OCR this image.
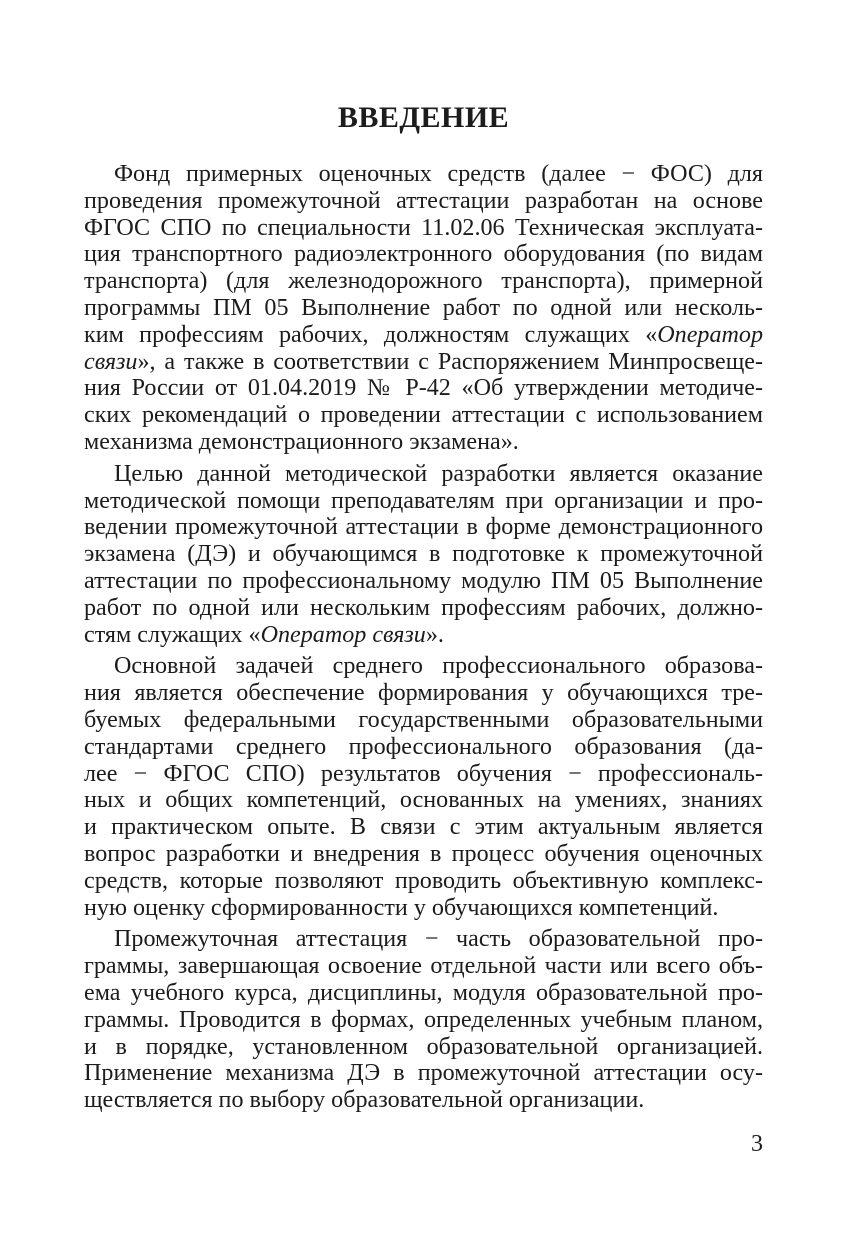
ВВЕДЕНИЕ

Фонд примерных оценочных средств (далее − ФОС) для
проведения промежуточной аттестации разработан на основе
ФГОС СПО по специальности 11.02.06 Техническая эксплуата-
ция транспортного радиоэлектронного оборудования (по видам
транспорта) (для железнодорожного транспорта), примерной
программы ПМ 05 Выполнение работ по одной или несколь-
ким профессиям рабочих, должностям служащих «Оператор
связи», а также в соответствии с Распоряжением Минпросвеще-
ния России от 01.04.2019 № Р-42 «Об утверждении методиче-
ских рекомендаций о проведении аттестации с использованием
механизма демонстрационного экзамена».

Целью данной методической разработки является оказание
методической помощи преподавателям при организации и про-
ведении промежуточной аттестации в форме демонстрационного
экзамена (ДЭ) и обучающимся в подготовке к промежуточной
аттестации по профессиональному модулю ПМ 05 Выполнение
работ по одной или нескольким профессиям рабочих, должно-
стям служащих «Оператор связи».

Основной задачей среднего профессионального образова-
ния является обеспечение формирования у обучающихся тре-
буемых федеральными государственными образовательными
стандартами среднего профессионального образования (да-
лее − ФГОС СПО) результатов обучения − профессиональ-
ных и общих компетенций, основанных на умениях, знаниях
и практическом опыте. В связи с этим актуальным является
вопрос разработки и внедрения в процесс обучения оценочных
средств, которые позволяют проводить объективную комплекс-
ную оценку сформированности у обучающихся компетенций.

Промежуточная аттестация − часть образовательной про-
граммы, завершающая освоение отдельной части или всего объ-
ема учебного курса, дисциплины, модуля образовательной про-
граммы. Проводится в формах, определенных учебным планом,
и в порядке, установленном образовательной организацией.
Применение механизма ДЭ в промежуточной аттестации осу-
ществляется по выбору образовательной организации.

3
